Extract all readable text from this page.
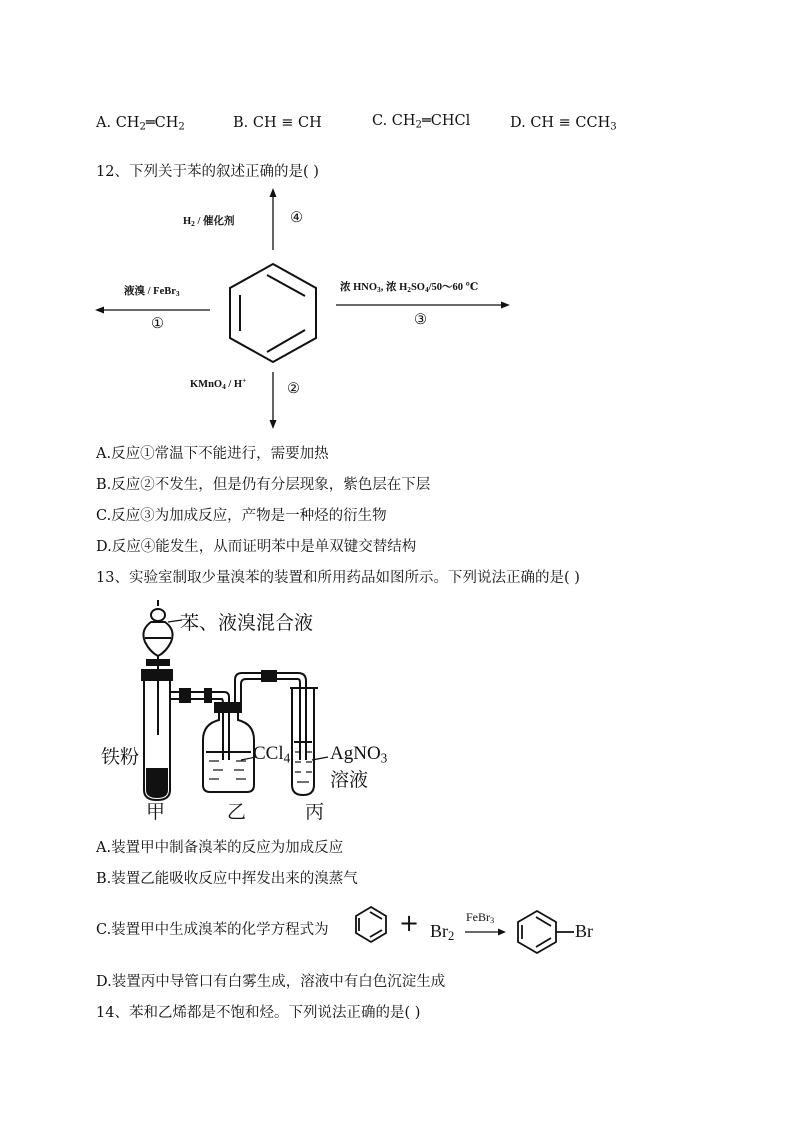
A. $CH_2═CH_2$	B. CH ≡ CH	C. $CH_2═CHCl$	D. CH ≡ $CCH_3$
12、下列关于苯的叙述正确的是( )
$H_2$ / 催化剂	④
液溴 / FeBr$_3$
①
浓 $HNO_3$, 浓 $H_2SO_4/50\sim 60$ ℃
③
KMnO$_4$ / H+
②
A.反应①常温下不能进行，需要加热
B.反应②不发生，但是仍有分层现象，紫色层在下层
C.反应③为加成反应，产物是一种烃的衍生物
D.反应④能发生，从而证明苯中是单双键交替结构
13、实验室制取少量溴苯的装置和所用药品如图所示。下列说法正确的是( )
苯、液溴混合液
铁粉	CCl$_4$ AgNO$_3$
溶液
甲	乙	丙
A.装置甲中制备溴苯的反应为加成反应
B.装置乙能吸收反应中挥发出来的溴蒸气
C.装置甲中生成溴苯的化学方程式为	+ $Br_2$
FeBr$_3$
Br
D.装置丙中导管口有白雾生成，溶液中有白色沉淀生成
14、苯和乙烯都是不饱和烃。下列说法正确的是( )
